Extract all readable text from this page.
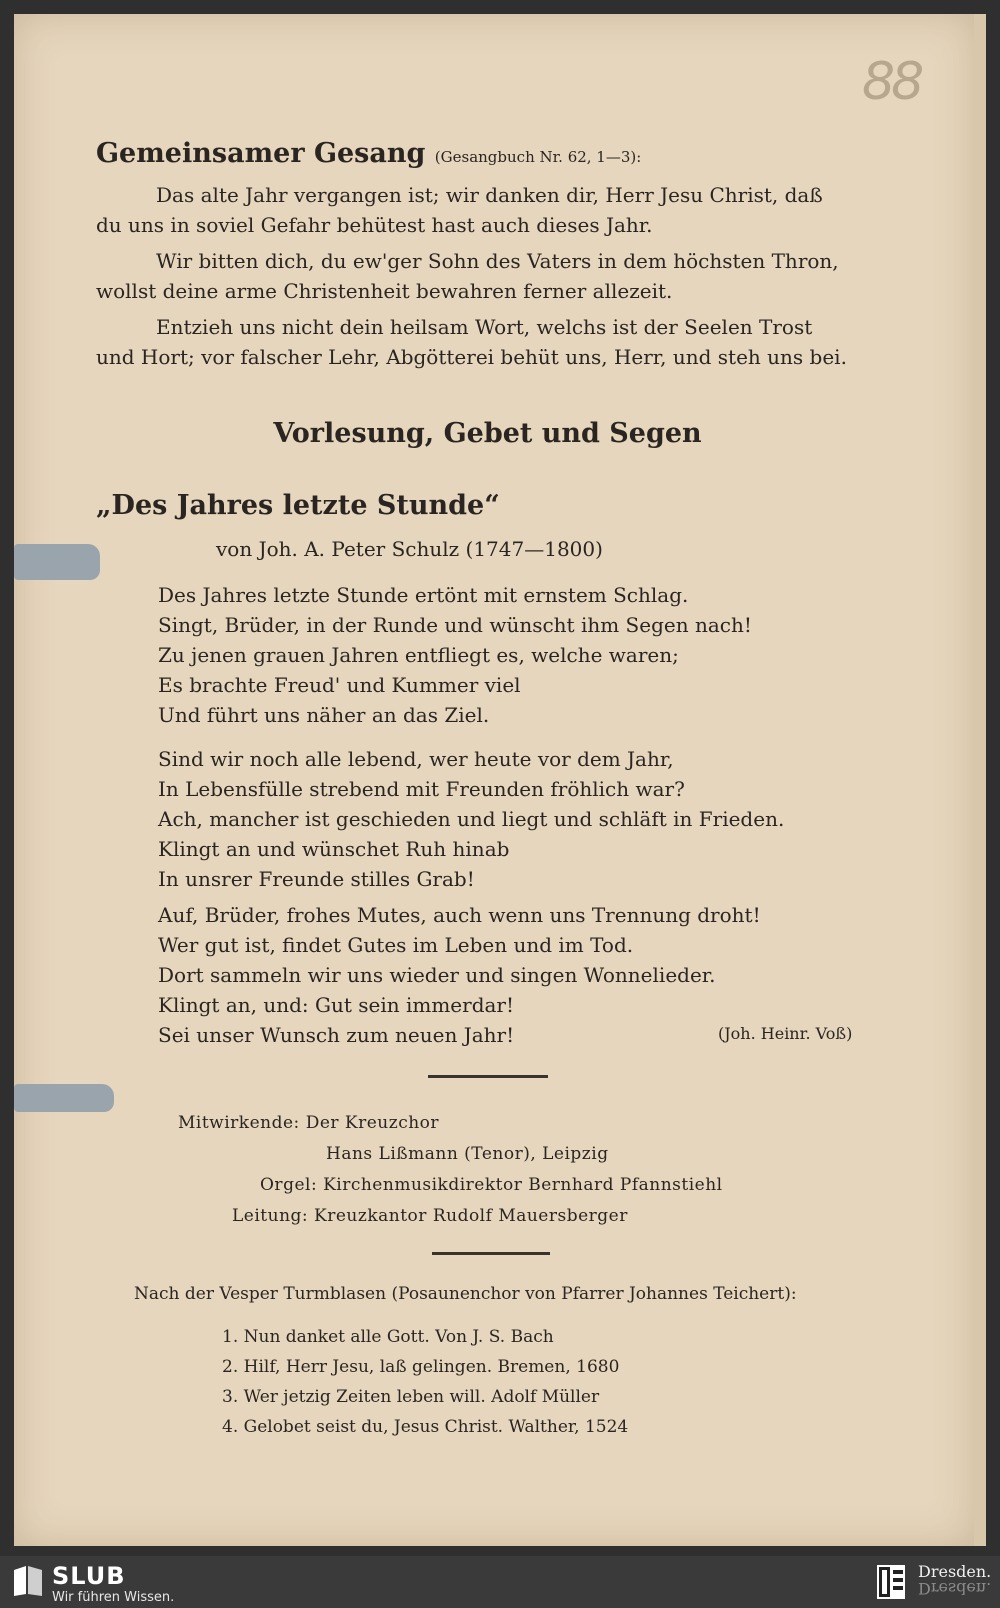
88
Gemeinsamer Gesang (Gesangbuch Nr. 62, 1—3):
Das alte Jahr vergangen ist; wir danken dir, Herr Jesu Christ, daß
du uns in soviel Gefahr behütest hast auch dieses Jahr.
Wir bitten dich, du ew'ger Sohn des Vaters in dem höchsten Thron,
wollst deine arme Christenheit bewahren ferner allezeit.
Entzieh uns nicht dein heilsam Wort, welchs ist der Seelen Trost
und Hort; vor falscher Lehr, Abgötterei behüt uns, Herr, und steh uns bei.
Vorlesung, Gebet und Segen
„Des Jahres letzte Stunde“
von Joh. A. Peter Schulz (1747—1800)
Des Jahres letzte Stunde ertönt mit ernstem Schlag.
Singt, Brüder, in der Runde und wünscht ihm Segen nach!
Zu jenen grauen Jahren entfliegt es, welche waren;
Es brachte Freud' und Kummer viel
Und führt uns näher an das Ziel.
Sind wir noch alle lebend, wer heute vor dem Jahr,
In Lebensfülle strebend mit Freunden fröhlich war?
Ach, mancher ist geschieden und liegt und schläft in Frieden.
Klingt an und wünschet Ruh hinab
In unsrer Freunde stilles Grab!
Auf, Brüder, frohes Mutes, auch wenn uns Trennung droht!
Wer gut ist, findet Gutes im Leben und im Tod.
Dort sammeln wir uns wieder und singen Wonnelieder.
Klingt an, und: Gut sein immerdar!
Sei unser Wunsch zum neuen Jahr!	(Joh. Heinr. Voß)
Mitwirkende: Der Kreuzchor
Hans Lißmann (Tenor), Leipzig
Orgel: Kirchenmusikdirektor Bernhard Pfannstiehl
Leitung: Kreuzkantor Rudolf Mauersberger
Nach der Vesper Turmblasen (Posaunenchor von Pfarrer Johannes Teichert):
1. Nun danket alle Gott. Von J. S. Bach
2. Hilf, Herr Jesu, laß gelingen. Bremen, 1680
3. Wer jetzig Zeiten leben will. Adolf Müller
4. Gelobet seist du, Jesus Christ. Walther, 1524
SLUB
Wir führen Wissen.
Dresden.
Dresden.
